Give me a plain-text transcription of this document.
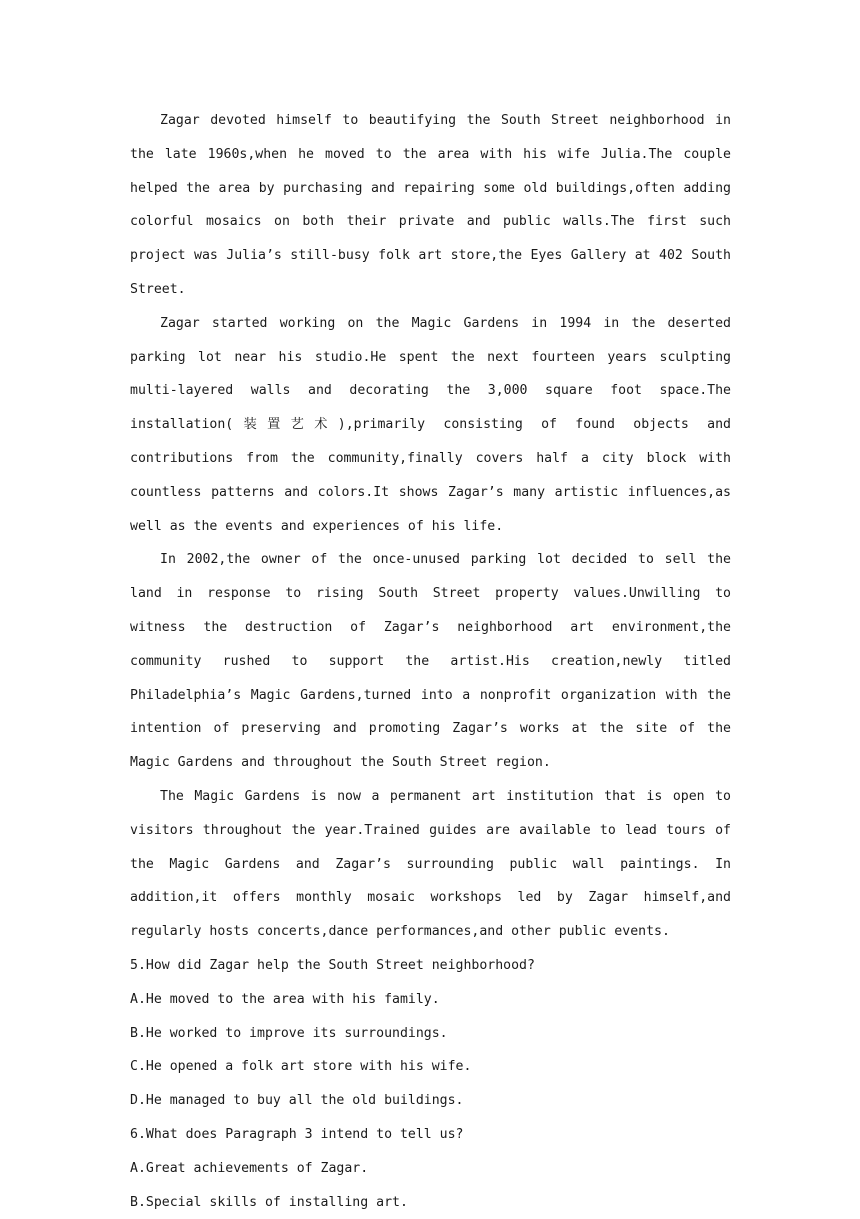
Zagar devoted himself to beautifying the South Street neighborhood in the late 1960s,when he moved to the area with his wife Julia.The couple helped the area by purchasing and repairing some old buildings,often adding colorful mosaics on both their private and public walls.The first such project was Julia’s still-busy folk art store,the Eyes Gallery at 402 South Street.

Zagar started working on the Magic Gardens in 1994 in the deserted parking lot near his studio.He spent the next fourteen years sculpting multi-layered walls and decorating the 3,000 square foot space.The installation(装置艺术),primarily consisting of found objects and contributions from the community,finally covers half a city block with countless patterns and colors.It shows Zagar’s many artistic influences,as well as the events and experiences of his life.

In 2002,the owner of the once-unused parking lot decided to sell the land in response to rising South Street property values.Unwilling to witness the destruction of Zagar’s neighborhood art environment,the community rushed to support the artist.His creation,newly titled Philadelphia’s Magic Gardens,turned into a nonprofit organization with the intention of preserving and promoting Zagar’s works at the site of the Magic Gardens and throughout the South Street region.

The Magic Gardens is now a permanent art institution that is open to visitors throughout the year.Trained guides are available to lead tours of the Magic Gardens and Zagar’s surrounding public wall paintings. In addition,it offers monthly mosaic workshops led by Zagar himself,and regularly hosts concerts,dance performances,and other public events.

5.How did Zagar help the South Street neighborhood?

A.He moved to the area with his family.

B.He worked to improve its surroundings.

C.He opened a folk art store with his wife.

D.He managed to buy all the old buildings.

6.What does Paragraph 3 intend to tell us?

A.Great achievements of Zagar.

B.Special skills of installing art.
